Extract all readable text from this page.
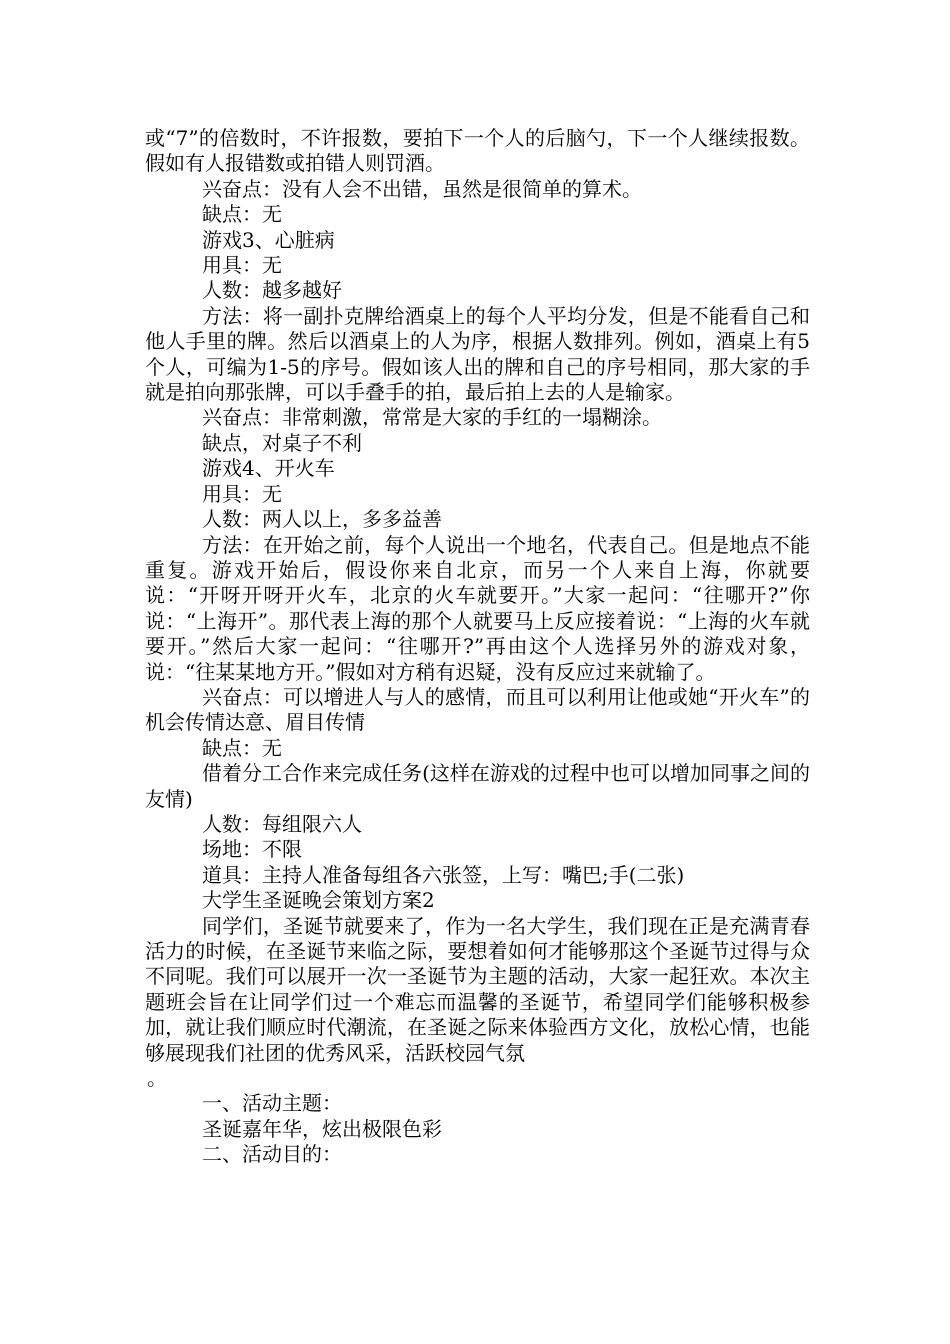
或“7”的倍数时，不许报数，要拍下一个人的后脑勺，下一个人继续报数。假如有人报错数或拍错人则罚酒。

兴奋点：没有人会不出错，虽然是很简单的算术。

缺点：无

游戏3、心脏病

用具：无

人数：越多越好

方法：将一副扑克牌给酒桌上的每个人平均分发，但是不能看自己和他人手里的牌。然后以酒桌上的人为序，根据人数排列。例如，酒桌上有5个人，可编为1-5的序号。假如该人出的牌和自己的序号相同，那大家的手就是拍向那张牌，可以手叠手的拍，最后拍上去的人是输家。

兴奋点：非常刺激，常常是大家的手红的一塌糊涂。

缺点，对桌子不利

游戏4、开火车

用具：无

人数：两人以上，多多益善

方法：在开始之前，每个人说出一个地名，代表自己。但是地点不能重复。游戏开始后，假设你来自北京，而另一个人来自上海，你就要说：“开呀开呀开火车，北京的火车就要开。”大家一起问：“往哪开?”你说：“上海开”。那代表上海的那个人就要马上反应接着说：“上海的火车就要开。”然后大家一起问：“往哪开?”再由这个人选择另外的游戏对象，说：“往某某地方开。”假如对方稍有迟疑，没有反应过来就输了。

兴奋点：可以增进人与人的感情，而且可以利用让他或她“开火车”的机会传情达意、眉目传情

缺点：无

借着分工合作来完成任务(这样在游戏的过程中也可以增加同事之间的友情)

人数：每组限六人

场地：不限

道具：主持人准备每组各六张签，上写：嘴巴;手(二张)

大学生圣诞晚会策划方案2

同学们，圣诞节就要来了，作为一名大学生，我们现在正是充满青春活力的时候，在圣诞节来临之际，要想着如何才能够那这个圣诞节过得与众不同呢。我们可以展开一次一圣诞节为主题的活动，大家一起狂欢。本次主题班会旨在让同学们过一个难忘而温馨的圣诞节，希望同学们能够积极参加，就让我们顺应时代潮流，在圣诞之际来体验西方文化，放松心情，也能够展现我们社团的优秀风采，活跃校园气氛

。

一、活动主题：

圣诞嘉年华，炫出极限色彩

二、活动目的：
